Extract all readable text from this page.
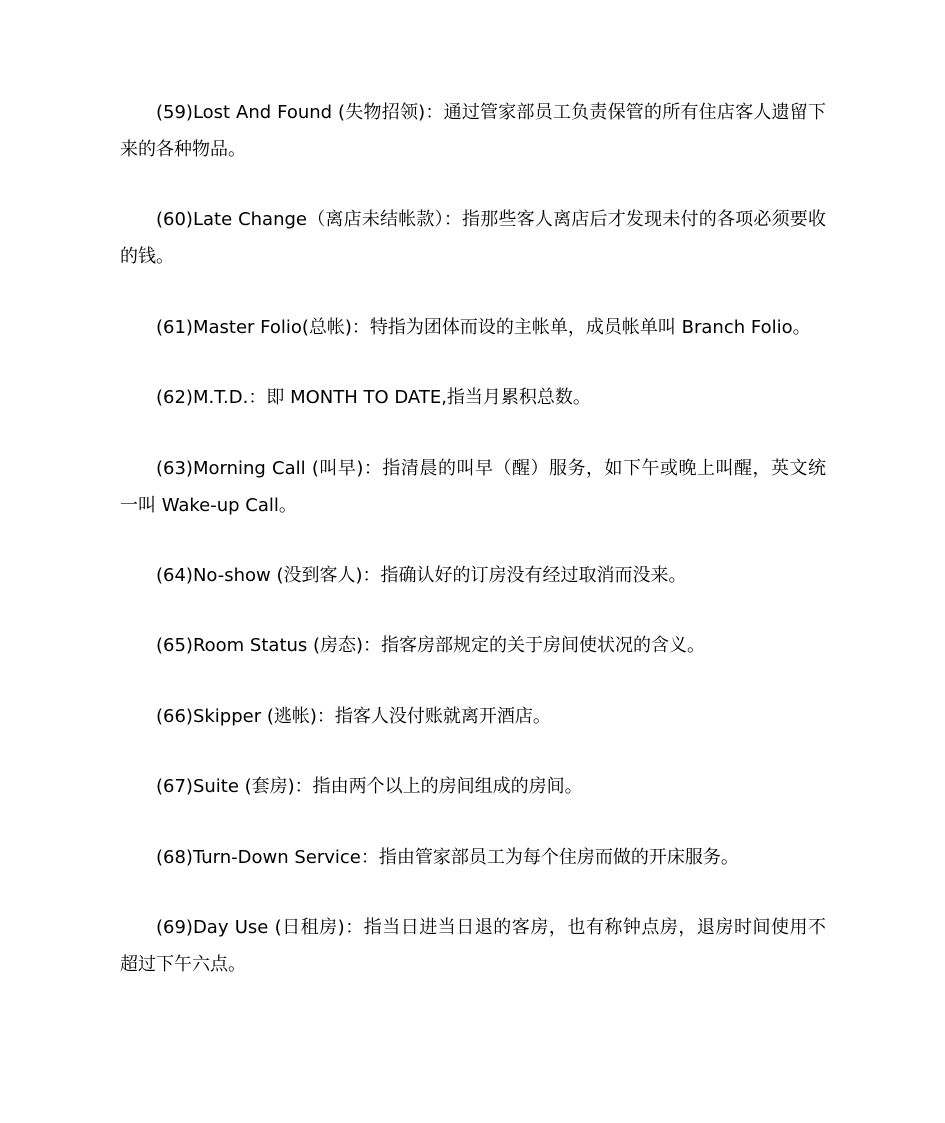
(59)Lost And Found (失物招领)：通过管家部员工负责保管的所有住店客人遗留下来的各种物品。

(60)Late Change（离店未结帐款）：指那些客人离店后才发现未付的各项必须要收的钱。

(61)Master Folio(总帐)：特指为团体而设的主帐单，成员帐单叫 Branch Folio。

(62)M.T.D.：即 MONTH TO DATE,指当月累积总数。

(63)Morning Call (叫早)：指清晨的叫早（醒）服务，如下午或晚上叫醒，英文统一叫 Wake-up Call。

(64)No-show (没到客人)：指确认好的订房没有经过取消而没来。

(65)Room Status (房态)：指客房部规定的关于房间使状况的含义。

(66)Skipper (逃帐)：指客人没付账就离开酒店。

(67)Suite (套房)：指由两个以上的房间组成的房间。

(68)Turn-Down Service：指由管家部员工为每个住房而做的开床服务。

(69)Day Use (日租房)：指当日进当日退的客房，也有称钟点房，退房时间使用不超过下午六点。
